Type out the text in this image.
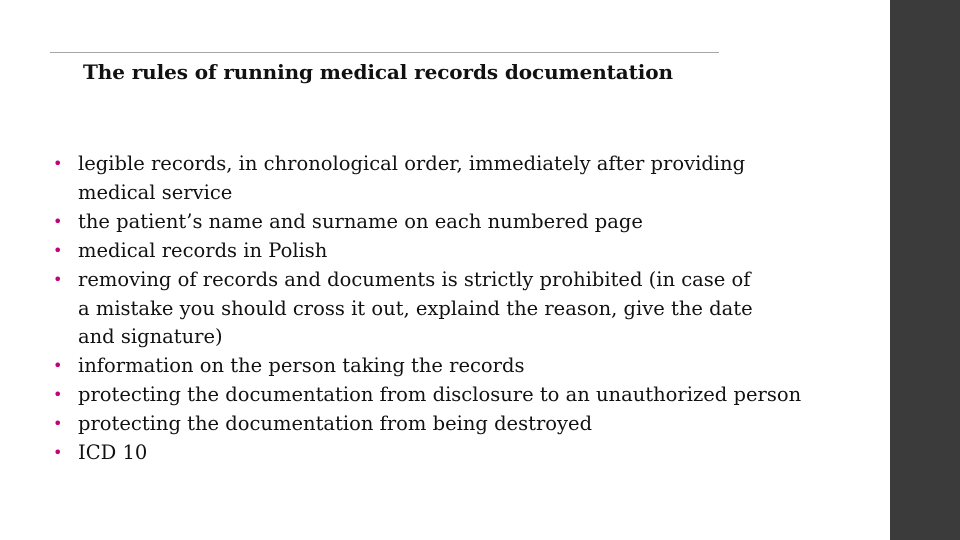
The rules of running medical records documentation
• legible records, in chronological order, immediately after providing
medical service
• the patient’s name and surname on each numbered page
• medical records in Polish
• removing of records and documents is strictly prohibited (in case of
a mistake you should cross it out, explaind the reason, give the date
and signature)
• information on the person taking the records
• protecting the documentation from disclosure to an unauthorized person
• protecting the documentation from being destroyed
• ICD 10
